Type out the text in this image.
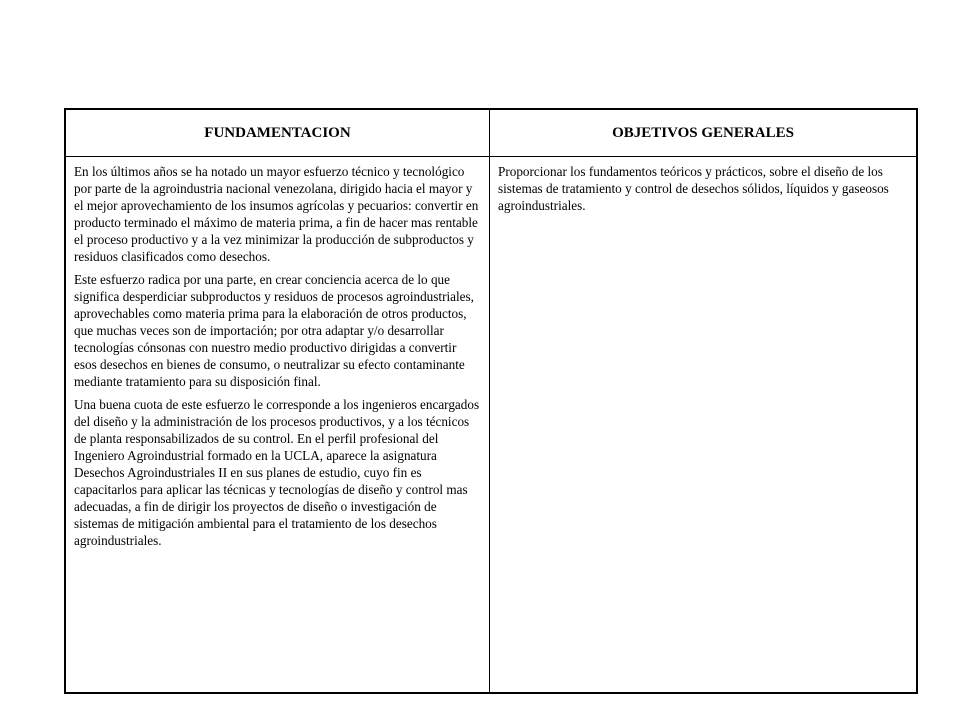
FUNDAMENTACION	OBJETIVOS GENERALES

En los últimos años se ha notado un mayor esfuerzo técnico y tecnológico por parte de la agroindustria nacional venezolana, dirigido hacia el mayor y el mejor aprovechamiento de los insumos agrícolas y pecuarios: convertir en producto terminado el máximo de materia prima, a fin de hacer mas rentable el proceso productivo y a la vez minimizar la producción de subproductos y residuos clasificados como desechos.

Este esfuerzo radica por una parte, en crear conciencia acerca de lo que significa desperdiciar subproductos y residuos de procesos agroindustriales, aprovechables como materia prima para la elaboración de otros productos, que muchas veces son de importación; por otra adaptar y/o desarrollar tecnologías cónsonas con nuestro medio productivo dirigidas a convertir esos desechos en bienes de consumo, o neutralizar su efecto contaminante mediante tratamiento para su disposición final.

Una buena cuota de este esfuerzo le corresponde a los ingenieros encargados del diseño y la administración de los procesos productivos, y a los técnicos de planta responsabilizados de su control. En el perfil profesional del Ingeniero Agroindustrial formado en la UCLA, aparece la asignatura Desechos Agroindustriales II en sus planes de estudio, cuyo fin es capacitarlos para aplicar las técnicas y tecnologías de diseño y control mas adecuadas, a fin de dirigir los proyectos de diseño o investigación de sistemas de mitigación ambiental para el tratamiento de los desechos agroindustriales.

Proporcionar los fundamentos teóricos y prácticos, sobre el diseño de los sistemas de tratamiento y control de desechos sólidos, líquidos y gaseosos agroindustriales.
